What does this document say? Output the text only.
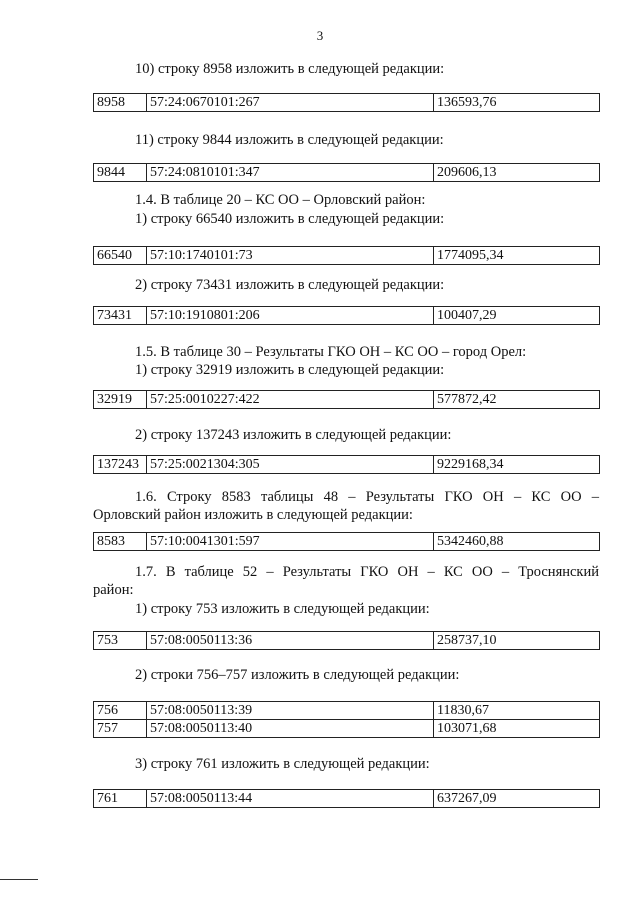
3
10) строку 8958 изложить в следующей редакции:
8958	57:24:0670101:267	136593,76
11) строку 9844 изложить в следующей редакции:
9844	57:24:0810101:347	209606,13
1.4. В таблице 20 – КС ОО – Орловский район:
1) строку 66540 изложить в следующей редакции:
66540	57:10:1740101:73	1774095,34
2) строку 73431 изложить в следующей редакции:
73431	57:10:1910801:206	100407,29
1.5. В таблице 30 – Результаты ГКО ОН – КС ОО – город Орел:
1) строку 32919 изложить в следующей редакции:
32919	57:25:0010227:422	577872,42
2) строку 137243 изложить в следующей редакции:
137243	57:25:0021304:305	9229168,34
1.6. Строку 8583 таблицы 48 – Результаты ГКО ОН – КС ОО –
Орловский район изложить в следующей редакции:
8583	57:10:0041301:597	5342460,88
1.7. В таблице 52 – Результаты ГКО ОН – КС ОО – Троснянский
район:
1) строку 753 изложить в следующей редакции:
753	57:08:0050113:36	258737,10
2) строки 756–757 изложить в следующей редакции:
756	57:08:0050113:39	11830,67
757	57:08:0050113:40	103071,68
3) строку 761 изложить в следующей редакции:
761	57:08:0050113:44	637267,09
